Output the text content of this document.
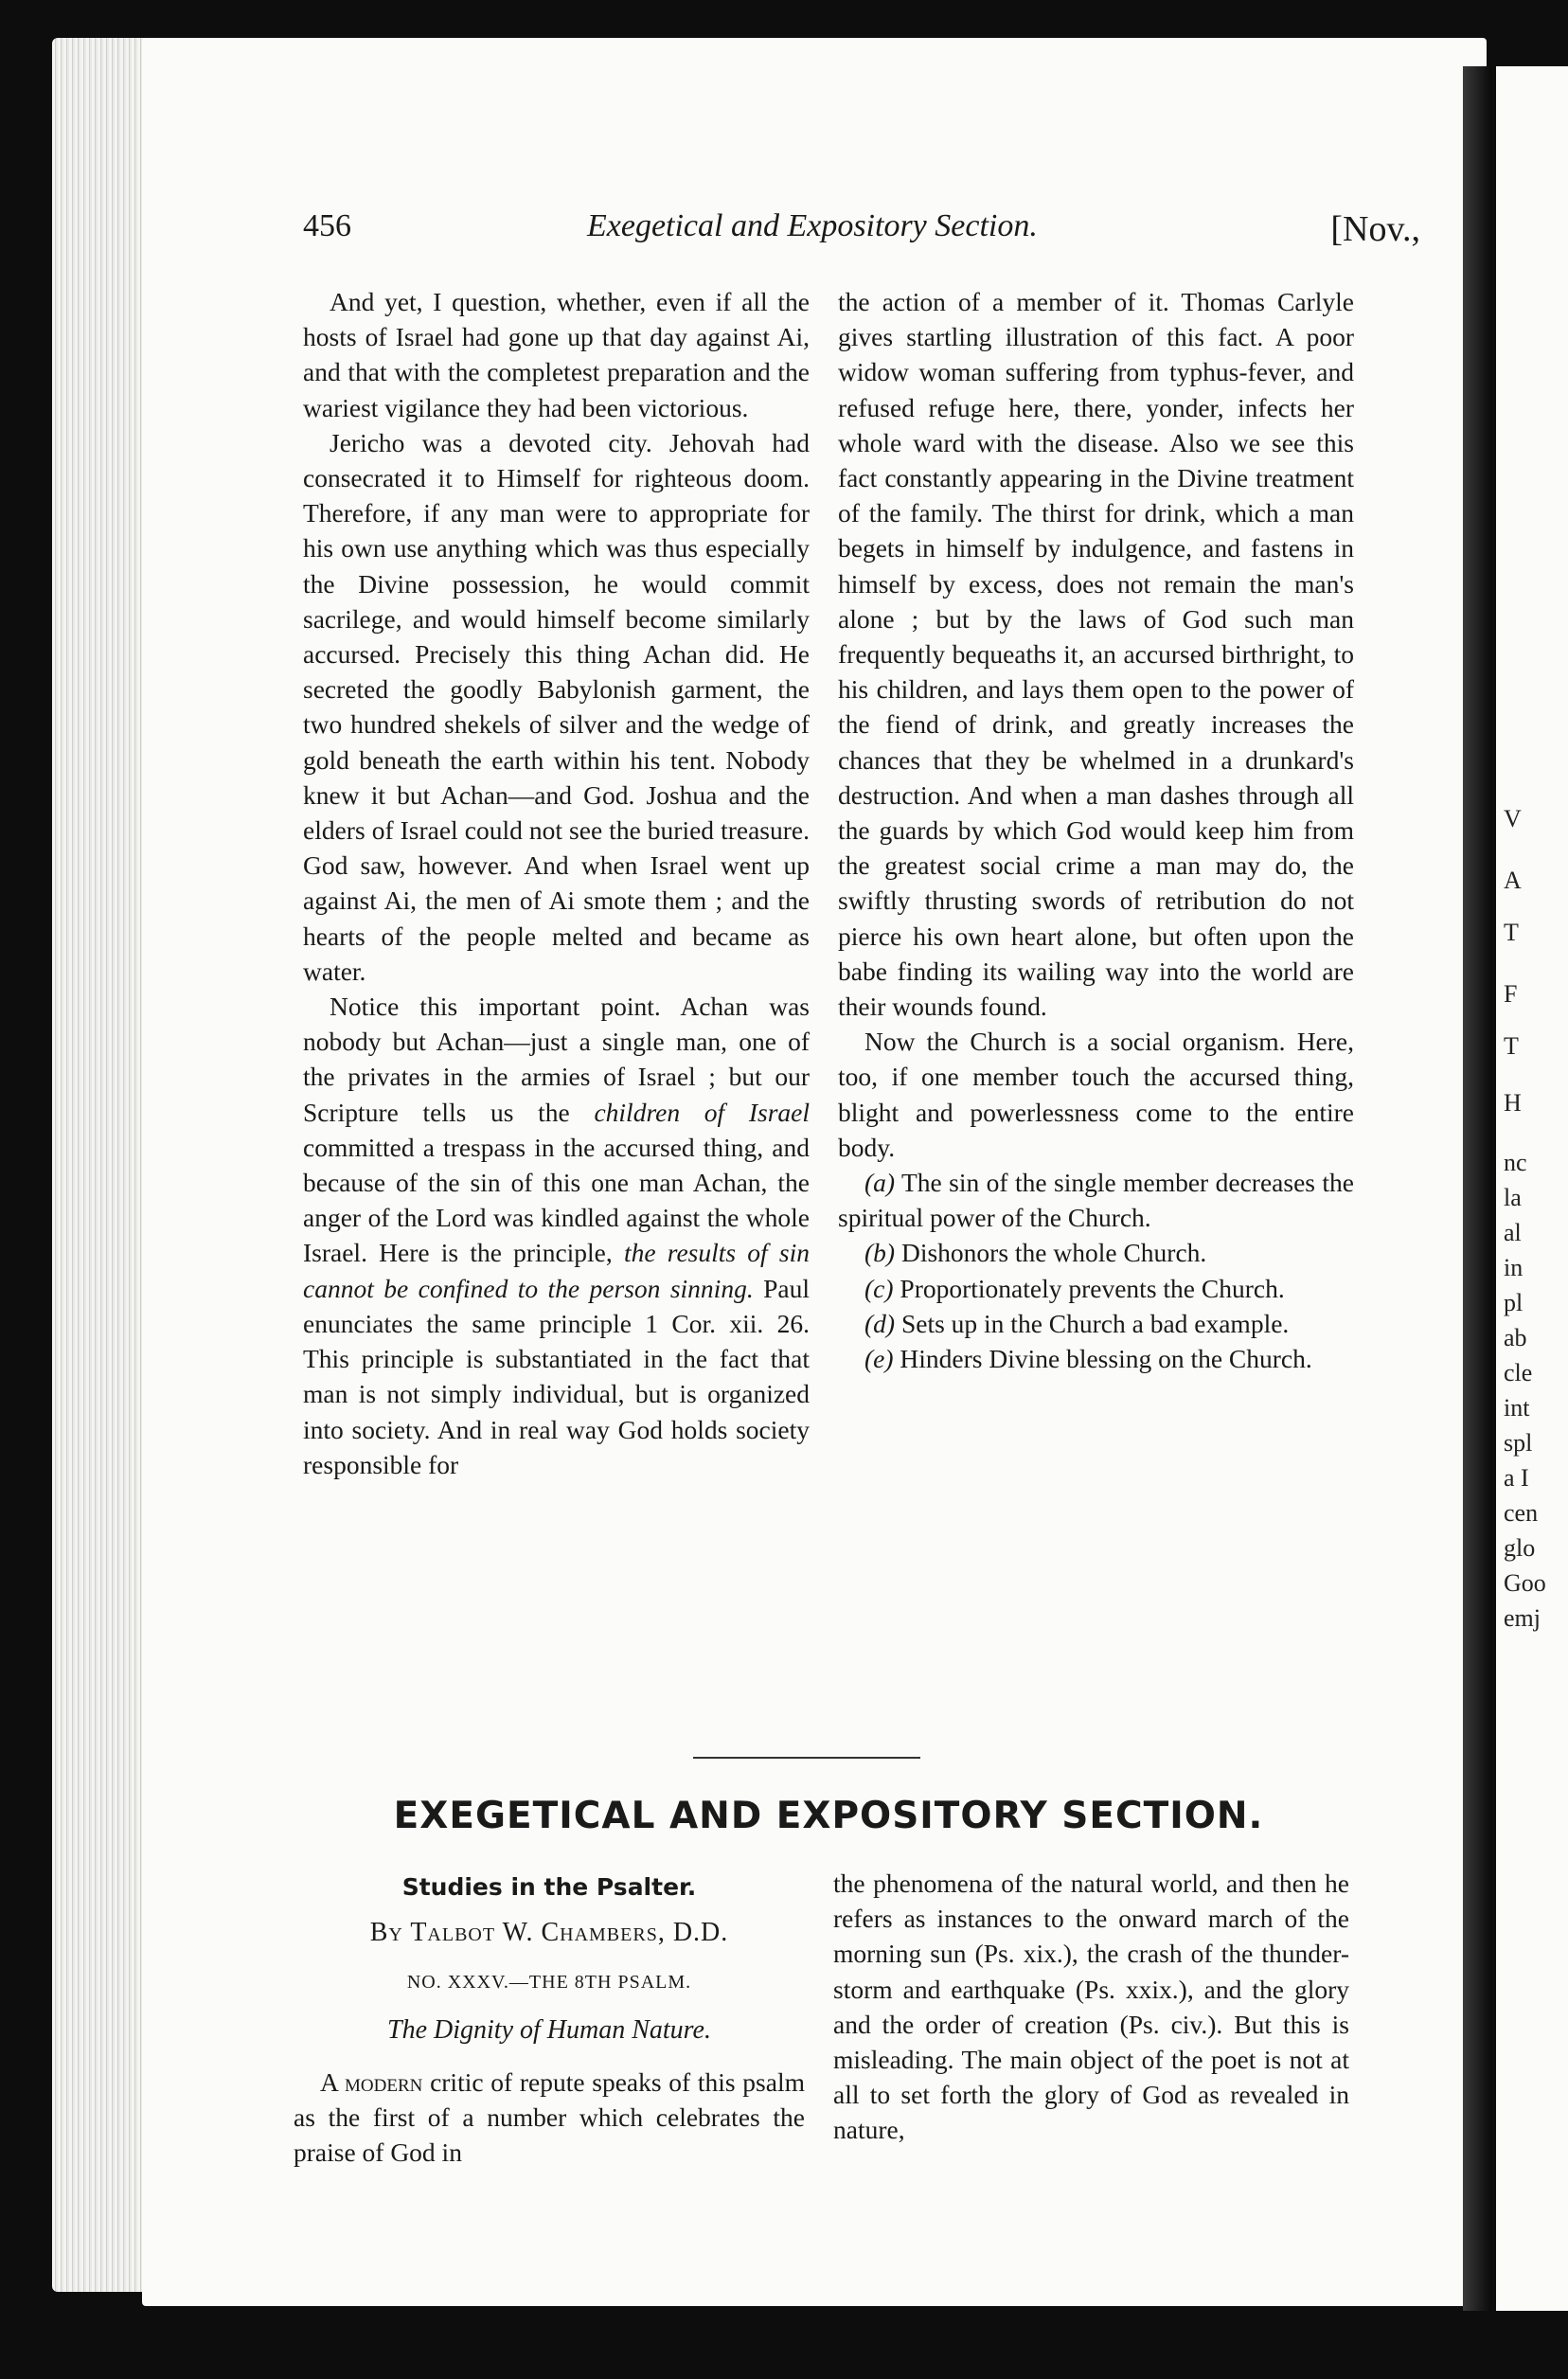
V
A
T
F
T
H
nc
la
al
in
pl
ab
cle
int
spl
a I
cen
glo
Goo
emj
456	Exegetical and Expository Section.	[Nov.,

And yet, I question, whether, even if all the hosts of Israel had gone up that day against Ai, and that with the completest preparation and the wariest vigilance they had been victorious.

Jericho was a devoted city. Jehovah had consecrated it to Himself for righteous doom. Therefore, if any man were to appropriate for his own use anything which was thus especially the Divine possession, he would commit sacrilege, and would himself become similarly accursed. Precisely this thing Achan did. He secreted the goodly Babylonish garment, the two hundred shekels of silver and the wedge of gold beneath the earth within his tent. Nobody knew it but Achan—and God. Joshua and the elders of Israel could not see the buried treasure. God saw, however. And when Israel went up against Ai, the men of Ai smote them ; and the hearts of the people melted and became as water.

Notice this important point. Achan was nobody but Achan—just a single man, one of the privates in the armies of Israel ; but our Scripture tells us the children of Israel committed a trespass in the accursed thing, and because of the sin of this one man Achan, the anger of the Lord was kindled against the whole Israel. Here is the principle, the results of sin cannot be confined to the person sinning. Paul enunciates the same principle 1 Cor. xii. 26. This principle is substantiated in the fact that man is not simply individual, but is organized into society. And in real way God holds society responsible for

the action of a member of it. Thomas Carlyle gives startling illustration of this fact. A poor widow woman suffering from typhus-fever, and refused refuge here, there, yonder, infects her whole ward with the disease. Also we see this fact constantly appearing in the Divine treatment of the family. The thirst for drink, which a man begets in himself by indulgence, and fastens in himself by excess, does not remain the man's alone ; but by the laws of God such man frequently bequeaths it, an accursed birthright, to his children, and lays them open to the power of the fiend of drink, and greatly increases the chances that they be whelmed in a drunkard's destruction. And when a man dashes through all the guards by which God would keep him from the greatest social crime a man may do, the swiftly thrusting swords of retribution do not pierce his own heart alone, but often upon the babe finding its wailing way into the world are their wounds found.

Now the Church is a social organism. Here, too, if one member touch the accursed thing, blight and powerlessness come to the entire body.

(a) The sin of the single member decreases the spiritual power of the Church.

(b) Dishonors the whole Church.

(c) Proportionately prevents the Church.

(d) Sets up in the Church a bad example.

(e) Hinders Divine blessing on the Church.

EXEGETICAL AND EXPOSITORY SECTION.
Studies in the Psalter.
By Talbot W. Chambers, D.D.
NO. XXXV.—THE 8TH PSALM.
The Dignity of Human Nature.

A modern critic of repute speaks of this psalm as the first of a number which celebrates the praise of God in

the phenomena of the natural world, and then he refers as instances to the onward march of the morning sun (Ps. xix.), the crash of the thunder-storm and earthquake (Ps. xxix.), and the glory and the order of creation (Ps. civ.). But this is misleading. The main object of the poet is not at all to set forth the glory of God as revealed in nature,
